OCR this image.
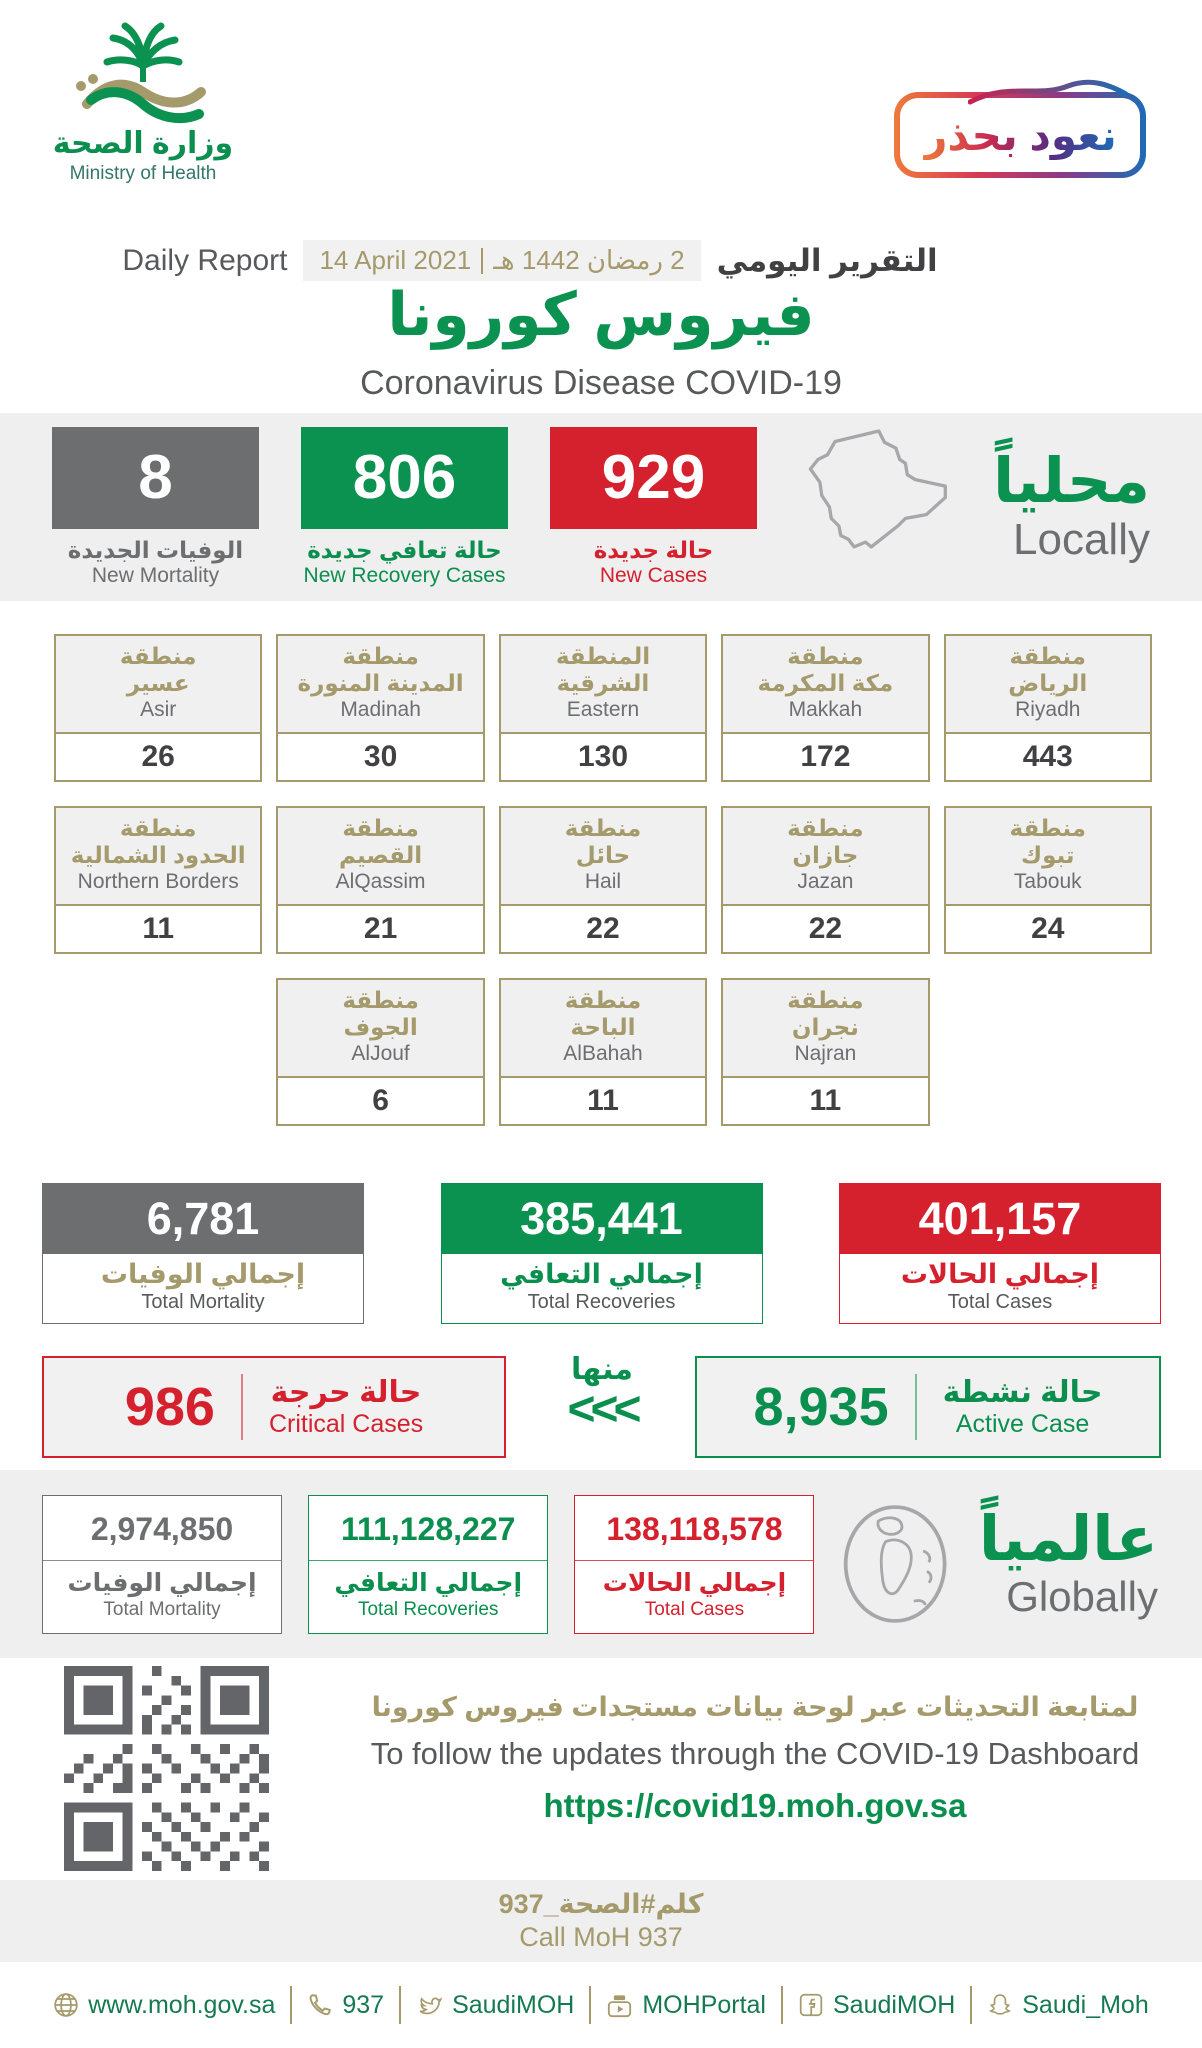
وزارة الصحة
Ministry of Health
نعود بحذر
Daily Report 14 April 2021 2 رمضان 1442 هـ التقرير اليومي
فيروس كورونا
Coronavirus Disease COVID-19
8
الوفيات الجديدة
New Mortality
806
حالة تعافي جديدة
New Recovery Cases
929
حالة جديدة
New Cases
محلياً
Locally
منطقة
عسير
Asir
26
منطقة
المدينة المنورة
Madinah
30
المنطقة
الشرقية
Eastern
130
منطقة
مكة المكرمة
Makkah
172
منطقة
الرياض
Riyadh
443
منطقة
الحدود الشمالية
Northern Borders
11
منطقة
القصيم
AlQassim
21
منطقة
حائل
Hail
22
منطقة
جازان
Jazan
22
منطقة
تبوك
Tabouk
24
منطقة
الجوف
AlJouf
6
منطقة
الباحة
AlBahah
11
منطقة
نجران
Najran
11
6,781
إجمالي الوفيات
Total Mortality
385,441
إجمالي التعافي
Total Recoveries
401,157
إجمالي الحالات
Total Cases
986 حالة حرجة
Critical Cases
منها
<<<	8,935 حالة نشطة
Active Case
2,974,850
إجمالي الوفيات
Total Mortality
111,128,227
إجمالي التعافي
Total Recoveries
138,118,578
إجمالي الحالات
Total Cases
عالمياً
Globally
لمتابعة التحديثات عبر لوحة بيانات مستجدات فيروس كورونا
To follow the updates through the COVID-19 Dashboard
https://covid19.moh.gov.sa
كلم#الصحة_937
Call MoH 937
www.moh.gov.sa	937	SaudiMOH	MOHPortal	SaudiMOH	Saudi_Moh
